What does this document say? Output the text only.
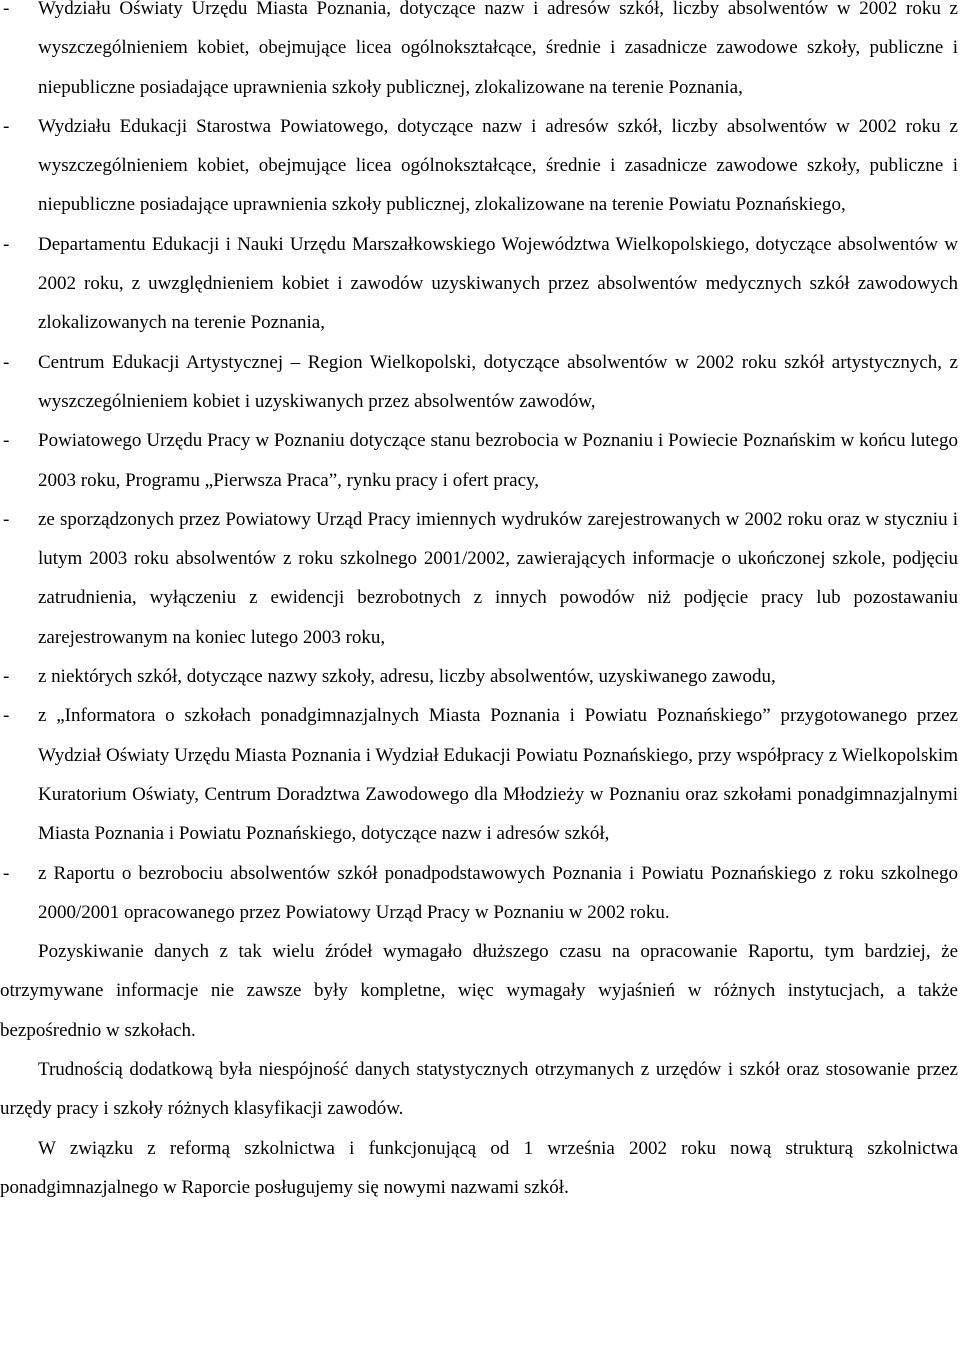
- Wydziału Oświaty Urzędu Miasta Poznania, dotyczące nazw i adresów szkół, liczby absolwentów w 2002 roku z wyszczególnieniem kobiet, obejmujące licea ogólnokształcące, średnie i zasadnicze zawodowe szkoły, publiczne i niepubliczne posiadające uprawnienia szkoły publicznej, zlokalizowane na terenie Poznania,
- Wydziału Edukacji Starostwa Powiatowego, dotyczące nazw i adresów szkół, liczby absolwentów w 2002 roku z wyszczególnieniem kobiet, obejmujące licea ogólnokształcące, średnie i zasadnicze zawodowe szkoły, publiczne i niepubliczne posiadające uprawnienia szkoły publicznej, zlokalizowane na terenie Powiatu Poznańskiego,
- Departamentu Edukacji i Nauki Urzędu Marszałkowskiego Województwa Wielkopolskiego, dotyczące absolwentów w 2002 roku, z uwzględnieniem kobiet i zawodów uzyskiwanych przez absolwentów medycznych szkół zawodowych zlokalizowanych na terenie Poznania,
- Centrum Edukacji Artystycznej – Region Wielkopolski, dotyczące absolwentów w 2002 roku szkół artystycznych, z wyszczególnieniem kobiet i uzyskiwanych przez absolwentów zawodów,
- Powiatowego Urzędu Pracy w Poznaniu dotyczące stanu bezrobocia w Poznaniu i Powiecie Poznańskim w końcu lutego 2003 roku, Programu „Pierwsza Praca”, rynku pracy i ofert pracy,
- ze sporządzonych przez Powiatowy Urząd Pracy imiennych wydruków zarejestrowanych w 2002 roku oraz w styczniu i lutym 2003 roku absolwentów z roku szkolnego 2001/2002, zawierających informacje o ukończonej szkole, podjęciu zatrudnienia, wyłączeniu z ewidencji bezrobotnych z innych powodów niż podjęcie pracy lub pozostawaniu zarejestrowanym na koniec lutego 2003 roku,
- z niektórych szkół, dotyczące nazwy szkoły, adresu, liczby absolwentów, uzyskiwanego zawodu,
- z „Informatora o szkołach ponadgimnazjalnych Miasta Poznania i Powiatu Poznańskiego” przygotowanego przez Wydział Oświaty Urzędu Miasta Poznania i Wydział Edukacji Powiatu Poznańskiego, przy współpracy z Wielkopolskim Kuratorium Oświaty, Centrum Doradztwa Zawodowego dla Młodzieży w Poznaniu oraz szkołami ponadgimnazjalnymi Miasta Poznania i Powiatu Poznańskiego, dotyczące nazw i adresów szkół,
- z Raportu o bezrobociu absolwentów szkół ponadpodstawowych Poznania i Powiatu Poznańskiego z roku szkolnego 2000/2001 opracowanego przez Powiatowy Urząd Pracy w Poznaniu w 2002 roku.

Pozyskiwanie danych z tak wielu źródeł wymagało dłuższego czasu na opracowanie Raportu, tym bardziej, że otrzymywane informacje nie zawsze były kompletne, więc wymagały wyjaśnień w różnych instytucjach, a także bezpośrednio w szkołach.

Trudnością dodatkową była niespójność danych statystycznych otrzymanych z urzędów i szkół oraz stosowanie przez urzędy pracy i szkoły różnych klasyfikacji zawodów.

W związku z reformą szkolnictwa i funkcjonującą od 1 września 2002 roku nową strukturą szkolnictwa ponadgimnazjalnego w Raporcie posługujemy się nowymi nazwami szkół.
